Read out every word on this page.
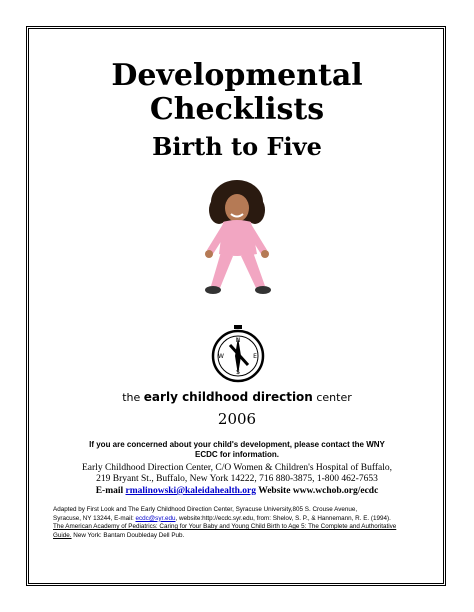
Developmental
Checklists
Birth to Five
N
W	E
S
the early childhood direction center
2006
If you are concerned about your child's development, please contact the WNY
ECDC for information.
Early Childhood Direction Center, C/O Women & Children's Hospital of Buffalo,
219 Bryant St., Buffalo, New York 14222, 716 880-3875, 1-800 462-7653
E-mail rmalinowski@kaleidahealth.org Website www.wchob.org/ecdc
Adapted by First Look and The Early Childhood Direction Center, Syracuse University,805 S. Crouse Avenue,
Syracuse, NY 13244, E-mail: ecdc@syr.edu, website:http://ecdc.syr.edu, from: Shelov, S. P., & Hannemann, R. E. (1994).
The American Academy of Pediatrics: Caring for Your Baby and Young Child Birth to Age 5: The Complete and Authoritative
Guide. New York: Bantam Doubleday Dell Pub.
